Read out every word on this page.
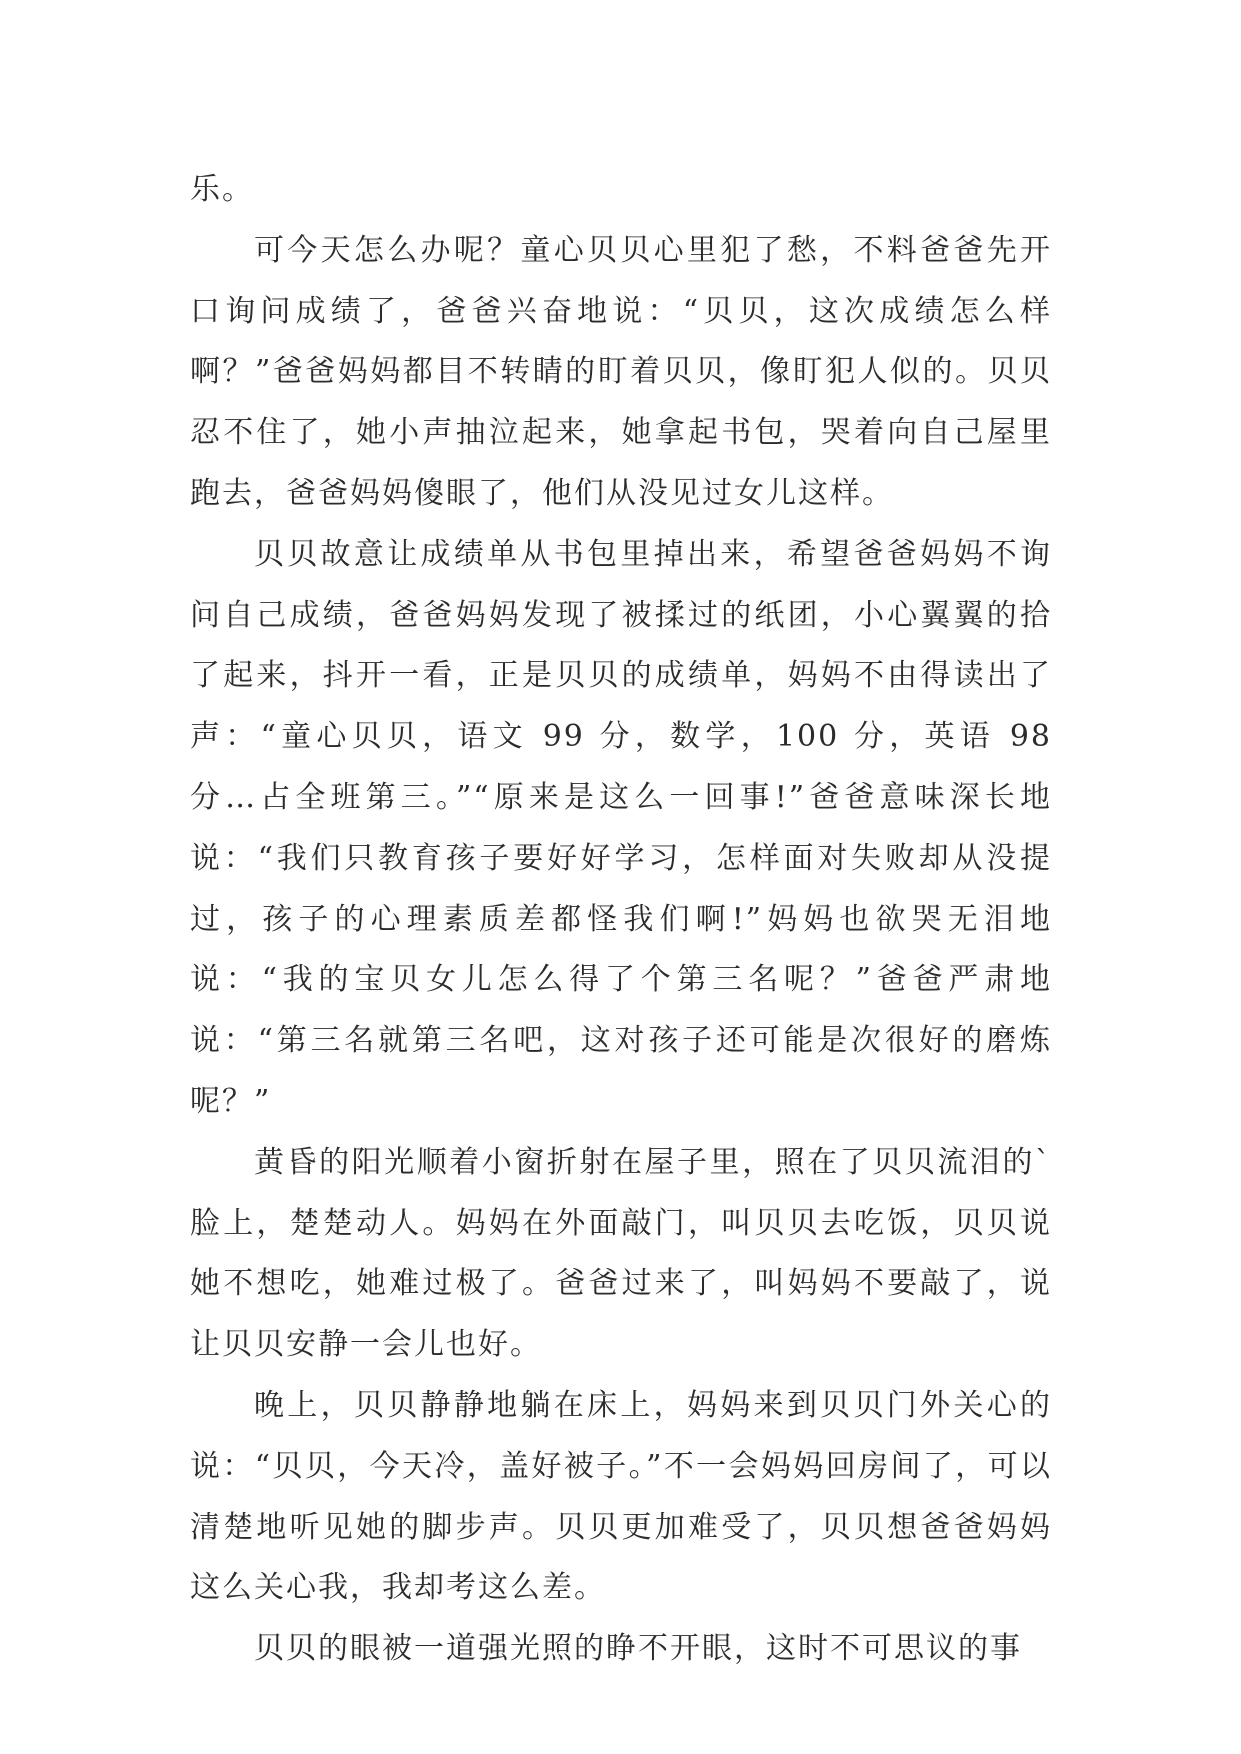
乐。

可今天怎么办呢？童心贝贝心里犯了愁，不料爸爸先开口询问成绩了，爸爸兴奋地说：“贝贝，这次成绩怎么样啊？”爸爸妈妈都目不转睛的盯着贝贝，像盯犯人似的。贝贝忍不住了，她小声抽泣起来，她拿起书包，哭着向自己屋里跑去，爸爸妈妈傻眼了，他们从没见过女儿这样。

贝贝故意让成绩单从书包里掉出来，希望爸爸妈妈不询问自己成绩，爸爸妈妈发现了被揉过的纸团，小心翼翼的拾了起来，抖开一看，正是贝贝的成绩单，妈妈不由得读出了声：“童心贝贝，语文 99 分，数学，100 分，英语 98 分…占全班第三。”“原来是这么一回事!”爸爸意味深长地说：“我们只教育孩子要好好学习，怎样面对失败却从没提过，孩子的心理素质差都怪我们啊!”妈妈也欲哭无泪地说：“我的宝贝女儿怎么得了个第三名呢？”爸爸严肃地说：“第三名就第三名吧，这对孩子还可能是次很好的磨炼呢？”

黄昏的阳光顺着小窗折射在屋子里，照在了贝贝流泪的`脸上，楚楚动人。妈妈在外面敲门，叫贝贝去吃饭，贝贝说她不想吃，她难过极了。爸爸过来了，叫妈妈不要敲了，说让贝贝安静一会儿也好。

晚上，贝贝静静地躺在床上，妈妈来到贝贝门外关心的说：“贝贝，今天冷，盖好被子。”不一会妈妈回房间了，可以清楚地听见她的脚步声。贝贝更加难受了，贝贝想爸爸妈妈这么关心我，我却考这么差。

贝贝的眼被一道强光照的睁不开眼，这时不可思议的事
